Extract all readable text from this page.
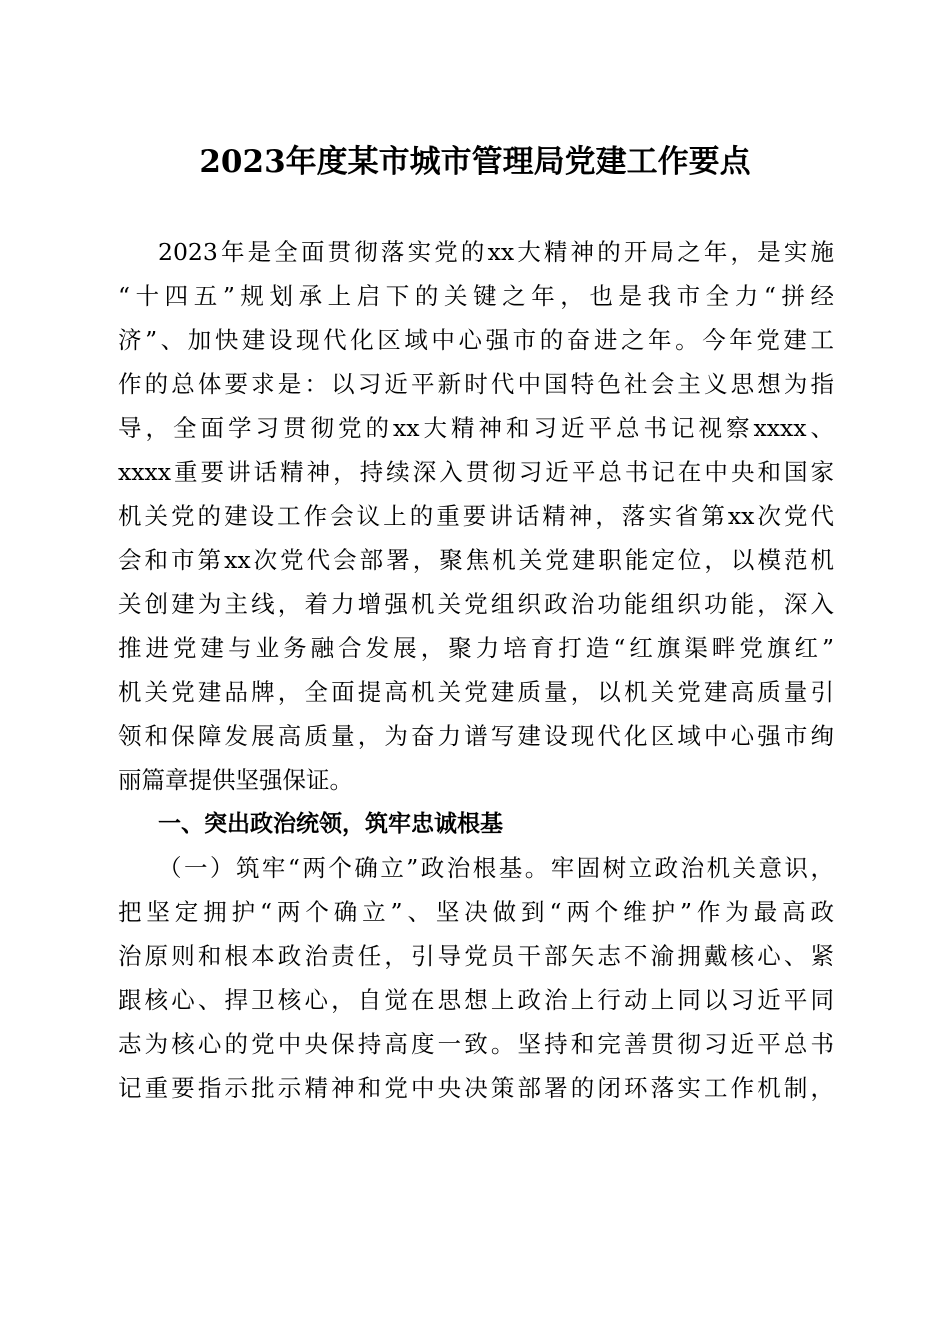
2023年度某市城市管理局党建工作要点
2023年是全面贯彻落实党的xx大精神的开局之年，是实施
“十四五”规划承上启下的关键之年，也是我市全力“拼经
济”、加快建设现代化区域中心强市的奋进之年。今年党建工
作的总体要求是：以习近平新时代中国特色社会主义思想为指
导，全面学习贯彻党的xx大精神和习近平总书记视察xxxx、
xxxx重要讲话精神，持续深入贯彻习近平总书记在中央和国家
机关党的建设工作会议上的重要讲话精神，落实省第xx次党代
会和市第xx次党代会部署，聚焦机关党建职能定位，以模范机
关创建为主线，着力增强机关党组织政治功能组织功能，深入
推进党建与业务融合发展，聚力培育打造“红旗渠畔党旗红”
机关党建品牌，全面提高机关党建质量，以机关党建高质量引
领和保障发展高质量，为奋力谱写建设现代化区域中心强市绚
丽篇章提供坚强保证。
一、突出政治统领，筑牢忠诚根基
（一）筑牢“两个确立”政治根基。牢固树立政治机关意识，
把坚定拥护“两个确立”、坚决做到“两个维护”作为最高政
治原则和根本政治责任，引导党员干部矢志不渝拥戴核心、紧
跟核心、捍卫核心，自觉在思想上政治上行动上同以习近平同
志为核心的党中央保持高度一致。坚持和完善贯彻习近平总书
记重要指示批示精神和党中央决策部署的闭环落实工作机制，
